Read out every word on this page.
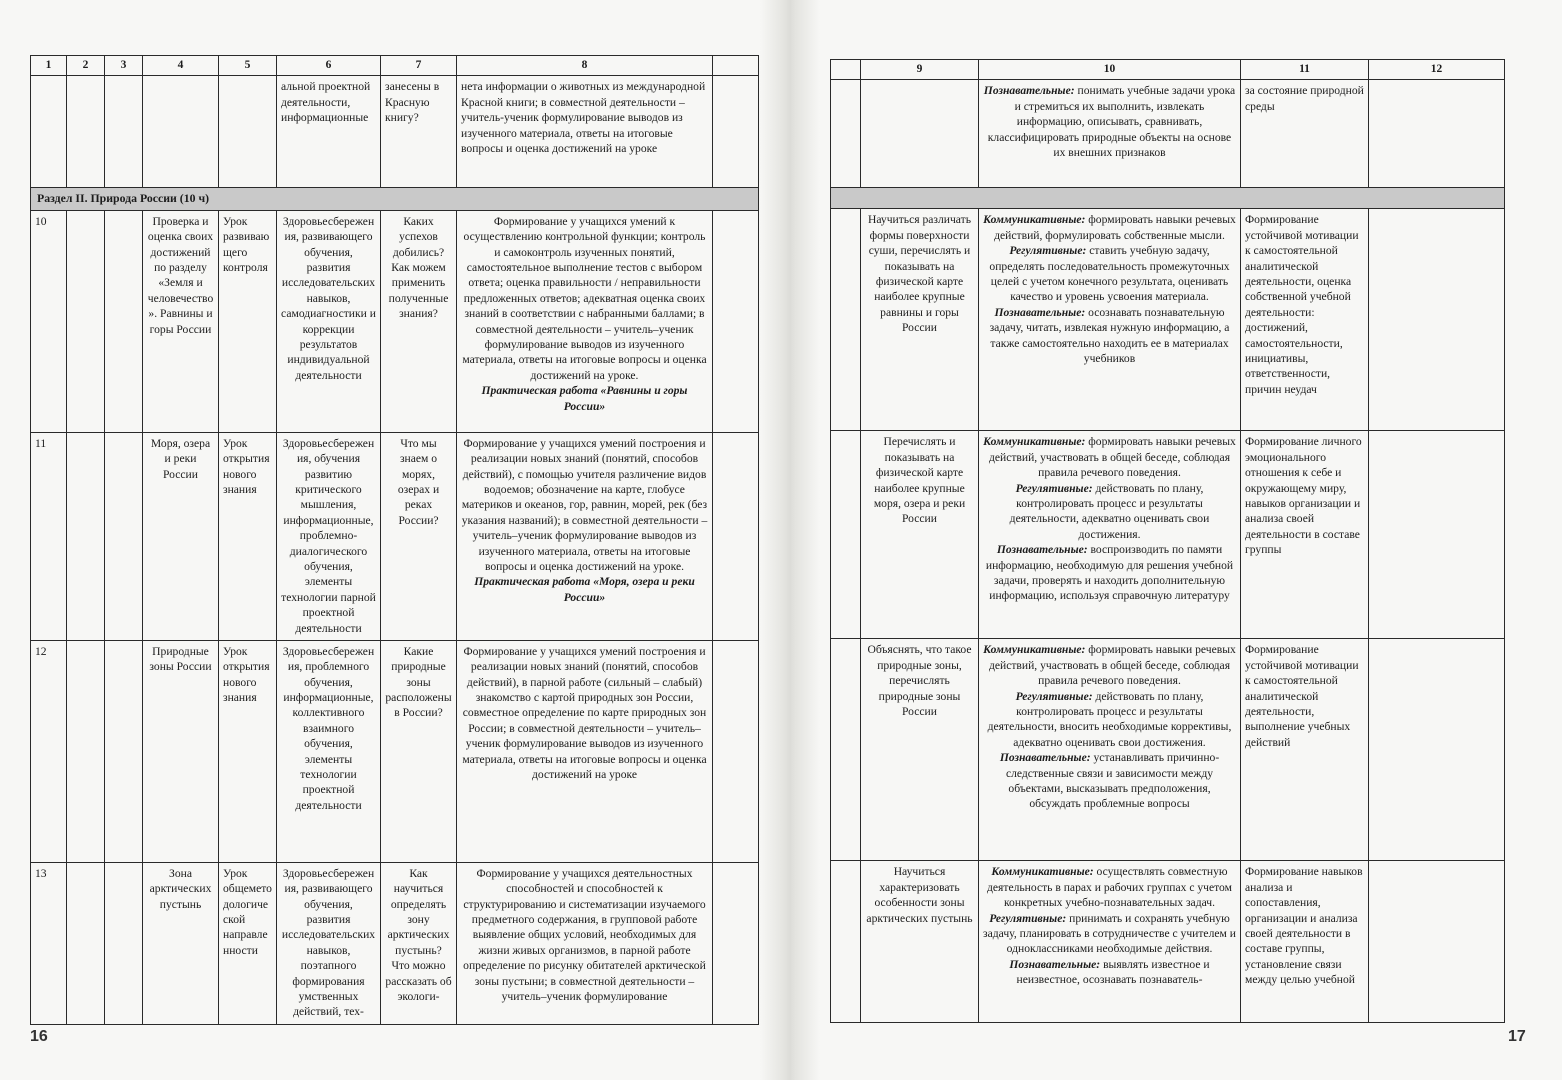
1	2	3	4	5	6	7	8	
					альной проектной деятельности, информационные	занесены в Красную книгу?	нета информации о животных из международной Красной книги; в совместной деятельности – учитель-ученик формулирование выводов из изученного материала, ответы на итоговые вопросы и оценка достижений на уроке	
Раздел II. Природа России (10 ч)								
10			Проверка и оценка своих достижений по разделу «Земля и человечество». Равнины и горы России	Урок развивающего контроля	Здоровьесбережения, развивающего обучения, развития исследовательских навыков, самодиагностики и коррекции результатов индивидуальной деятельности	Каких успехов добились? Как можем применить полученные знания?	Формирование у учащихся умений к осуществлению контрольной функции; контроль и самоконтроль изученных понятий, самостоятельное выполнение тестов с выбором ответа; оценка правильности / неправильности предложенных ответов; адекватная оценка своих знаний в соответствии с набранными баллами; в совместной деятельности – учитель–ученик формулирование выводов из изученного материала, ответы на итоговые вопросы и оценка достижений на уроке.
Практическая работа «Равнины и горы России»	

11			Моря, озера и реки России	Урок открытия нового знания	Здоровьесбережения, обучения развитию критического мышления, информационные, проблемно-диалогического обучения, элементы технологии парной проектной деятельности	Что мы знаем о морях, озерах и реках России?	Формирование у учащихся умений построения и реализации новых знаний (понятий, способов действий), с помощью учителя различение видов водоемов; обозначение на карте, глобусе материков и океанов, гор, равнин, морей, рек (без указания названий); в совместной деятельности – учитель–ученик формулирование выводов из изученного материала, ответы на итоговые вопросы и оценка достижений на уроке.
Практическая работа «Моря, озера и реки России»	

12			Природные зоны России	Урок открытия нового знания	Здоровьесбережения, проблемного обучения, информационные, коллективного взаимного обучения, элементы технологии проектной деятельности	Какие природные зоны расположены в России?	Формирование у учащихся умений построения и реализации новых знаний (понятий, способов действий), в парной работе (сильный – слабый) знакомство с картой природных зон России, совместное определение по карте природных зон России; в совместной деятельности – учитель–ученик формулирование выводов из изученного материала, ответы на итоговые вопросы и оценка достижений на уроке	
13			Зона арктических пустынь	Урок общеметодологической направленности	Здоровьесбережения, развивающего обучения, развития исследовательских навыков, поэтапного формирования умственных действий, тех-	Как научиться определять зону арктических пустынь? Что можно рассказать об экологи-	Формирование у учащихся деятельностных способностей и способностей к структурированию и систематизации изучаемого предметного содержания, в групповой работе выявление общих условий, необходимых для жизни живых организмов, в парной работе определение по рисунку обитателей арктической зоны пустыни; в совместной деятельности – учитель–ученик формулирование	
	9	10	11	12
		Познавательные: понимать учебные задачи урока и стремиться их выполнить, извлекать информацию, описывать, сравнивать, классифицировать природные объекты на основе их внешних признаков	за состояние природной среды	

	Научиться различать формы поверхности суши, перечислять и показывать на физической карте наиболее крупные равнины и горы России	Коммуникативные: формировать навыки речевых действий, формулировать собственные мысли.
Регулятивные: ставить учебную задачу, определять последовательность промежуточных целей с учетом конечного результата, оценивать качество и уровень усвоения материала.
Познавательные: осознавать познавательную задачу, читать, извлекая нужную информацию, а также самостоятельно находить ее в материалах учебников	Формирование устойчивой мотивации к самостоятельной аналитической деятельности, оценка собственной учебной деятельности: достижений, самостоятельности, инициативы, ответственности, причин неудач	
	Перечислять и показывать на физической карте наиболее крупные моря, озера и реки России	Коммуникативные: формировать навыки речевых действий, участвовать в общей беседе, соблюдая правила речевого поведения.
Регулятивные: действовать по плану, контролировать процесс и результаты деятельности, адекватно оценивать свои достижения.
Познавательные: воспроизводить по памяти информацию, необходимую для решения учебной задачи, проверять и находить дополнительную информацию, используя справочную литературу	Формирование личного эмоционального отношения к себе и окружающему миру, навыков организации и анализа своей деятельности в составе группы	
	Объяснять, что такое природные зоны, перечислять природные зоны России	Коммуникативные: формировать навыки речевых действий, участвовать в общей беседе, соблюдая правила речевого поведения.
Регулятивные: действовать по плану, контролировать процесс и результаты деятельности, вносить необходимые коррективы, адекватно оценивать свои достижения.
Познавательные: устанавливать причинно-следственные связи и зависимости между объектами, высказывать предположения, обсуждать проблемные вопросы	Формирование устойчивой мотивации к самостоятельной аналитической деятельности, выполнение учебных действий	
	Научиться характеризовать особенности зоны арктических пустынь	Коммуникативные: осуществлять совместную деятельность в парах и рабочих группах с учетом конкретных учебно-познавательных задач.
Регулятивные: принимать и сохранять учебную задачу, планировать в сотрудничестве с учителем и одноклассниками необходимые действия.
Познавательные: выявлять известное и неизвестное, осознавать познаватель-	Формирование навыков анализа и сопоставления, организации и анализа своей деятельности в составе группы, установление связи между целью учебной	
16	17
